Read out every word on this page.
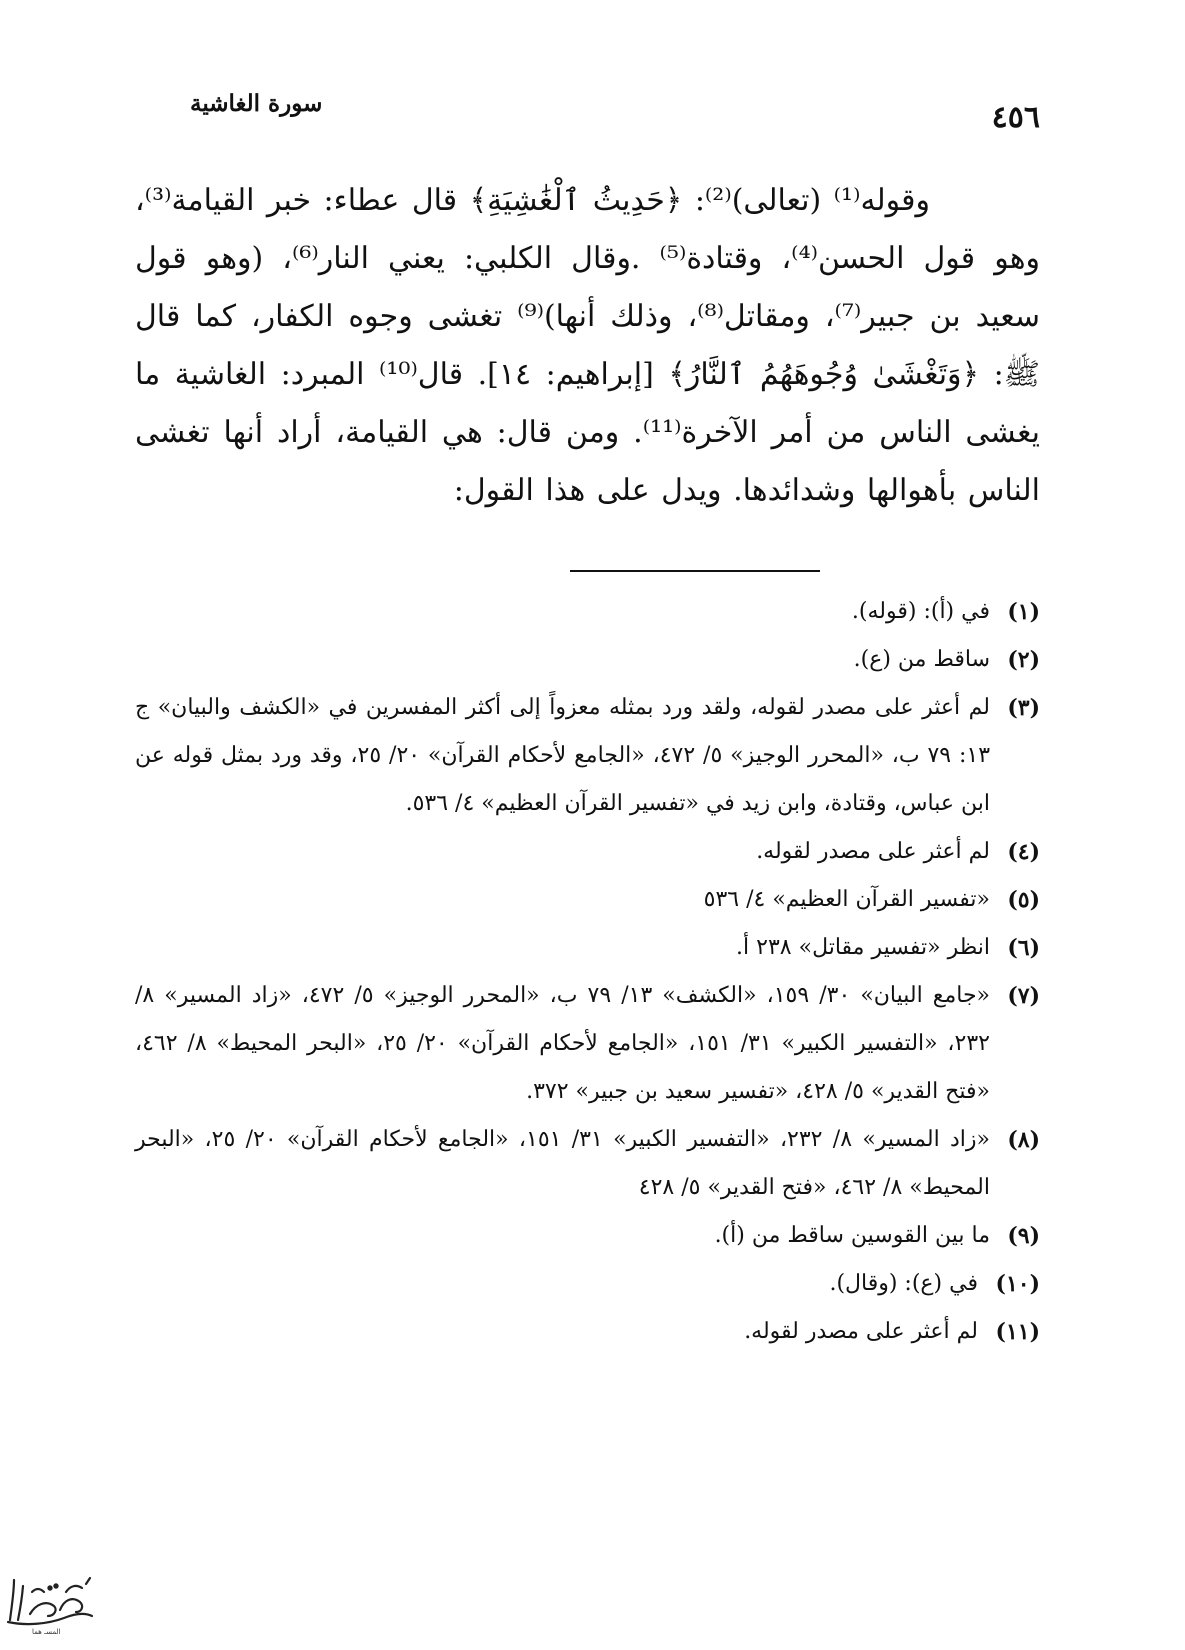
٤٥٦
سورة الغاشية

وقوله⁽¹⁾ (تعالى)⁽²⁾: ﴿حَدِيثُ ٱلْغَٰشِيَةِ﴾ قال عطاء: خبر القيامة⁽³⁾، وهو قول الحسن⁽⁴⁾، وقتادة⁽⁵⁾ .وقال الكلبي: يعني النار⁽⁶⁾، (وهو قول سعيد بن جبير⁽⁷⁾، ومقاتل⁽⁸⁾، وذلك أنها)⁽⁹⁾ تغشى وجوه الكفار، كما قال ﷺ: ﴿وَتَغْشَىٰ وُجُوهَهُمُ ٱلنَّارُ﴾ [إبراهيم: ١٤]. قال⁽¹⁰⁾ المبرد: الغاشية ما يغشى الناس من أمر الآخرة⁽¹¹⁾. ومن قال: هي القيامة، أراد أنها تغشى الناس بأهوالها وشدائدها. ويدل على هذا القول:

(١)
في (أ): (قوله).
(٢)
ساقط من (ع).
(٣)
لم أعثر على مصدر لقوله، ولقد ورد بمثله معزواً إلى أكثر المفسرين في «الكشف والبيان» ج ١٣: ٧٩ ب، «المحرر الوجيز» ٥/ ٤٧٢، «الجامع لأحكام القرآن» ٢٠/ ٢٥، وقد ورد بمثل قوله عن ابن عباس، وقتادة، وابن زيد في «تفسير القرآن العظيم» ٤/ ٥٣٦.
(٤)
لم أعثر على مصدر لقوله.
(٥)
«تفسير القرآن العظيم» ٤/ ٥٣٦
(٦)
انظر «تفسير مقاتل» ٢٣٨ أ.
(٧)
«جامع البيان» ٣٠/ ١٥٩، «الكشف» ١٣/ ٧٩ ب، «المحرر الوجيز» ٥/ ٤٧٢، «زاد المسير» ٨/ ٢٣٢، «التفسير الكبير» ٣١/ ١٥١، «الجامع لأحكام القرآن» ٢٠/ ٢٥، «البحر المحيط» ٨/ ٤٦٢، «فتح القدير» ٥/ ٤٢٨، «تفسير سعيد بن جبير» ٣٧٢.
(٨)
«زاد المسير» ٨/ ٢٣٢، «التفسير الكبير» ٣١/ ١٥١، «الجامع لأحكام القرآن» ٢٠/ ٢٥، «البحر المحيط» ٨/ ٤٦٢، «فتح القدير» ٥/ ٤٢٨
(٩)
ما بين القوسين ساقط من (أ).
(١٠)
في (ع): (وقال).
(١١)
لم أعثر على مصدر لقوله.
المسـ هما
